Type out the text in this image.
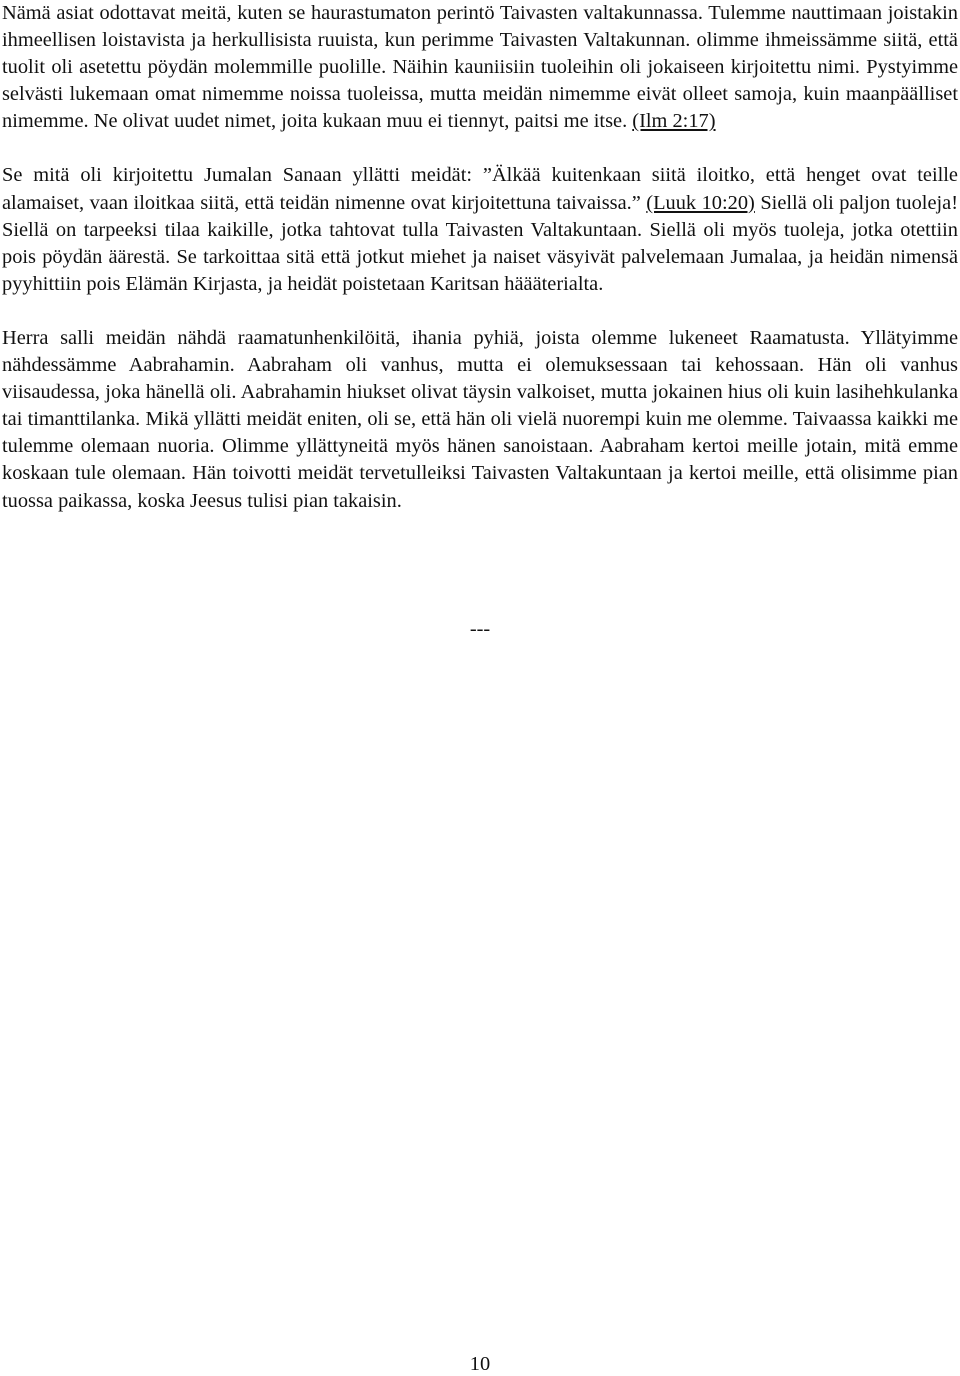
Nämä asiat odottavat meitä, kuten se haurastumaton perintö Taivasten valtakunnassa. Tulemme nauttimaan joistakin ihmeellisen loistavista ja herkullisista ruuista, kun perimme Taivasten Valtakunnan. olimme ihmeissämme siitä, että tuolit oli asetettu pöydän molemmille puolille. Näihin kauniisiin tuoleihin oli jokaiseen kirjoitettu nimi. Pystyimme selvästi lukemaan omat nimemme noissa tuoleissa, mutta meidän nimemme eivät olleet samoja, kuin maanpäälliset nimemme. Ne olivat uudet nimet, joita kukaan muu ei tiennyt, paitsi me itse. (Ilm 2:17)

Se mitä oli kirjoitettu Jumalan Sanaan yllätti meidät: ”Älkää kuitenkaan siitä iloitko, että henget ovat teille alamaiset, vaan iloitkaa siitä, että teidän nimenne ovat kirjoitettuna taivaissa.” (Luuk 10:20) Siellä oli paljon tuoleja! Siellä on tarpeeksi tilaa kaikille, jotka tahtovat tulla Taivasten Valtakuntaan. Siellä oli myös tuoleja, jotka otettiin pois pöydän äärestä. Se tarkoittaa sitä että jotkut miehet ja naiset väsyivät palvelemaan Jumalaa, ja heidän nimensä pyyhittiin pois Elämän Kirjasta, ja heidät poistetaan Karitsan häääterialta.

Herra salli meidän nähdä raamatunhenkilöitä, ihania pyhiä, joista olemme lukeneet Raamatusta. Yllätyimme nähdessämme Aabrahamin. Aabraham oli vanhus, mutta ei olemuksessaan tai kehossaan. Hän oli vanhus viisaudessa, joka hänellä oli. Aabrahamin hiukset olivat täysin valkoiset, mutta jokainen hius oli kuin lasihehkulanka tai timanttilanka. Mikä yllätti meidät eniten, oli se, että hän oli vielä nuorempi kuin me olemme. Taivaassa kaikki me tulemme olemaan nuoria. Olimme yllättyneitä myös hänen sanoistaan. Aabraham kertoi meille jotain, mitä emme koskaan tule olemaan. Hän toivotti meidät tervetulleiksi Taivasten Valtakuntaan ja kertoi meille, että olisimme pian tuossa paikassa, koska Jeesus tulisi pian takaisin.

---
10
